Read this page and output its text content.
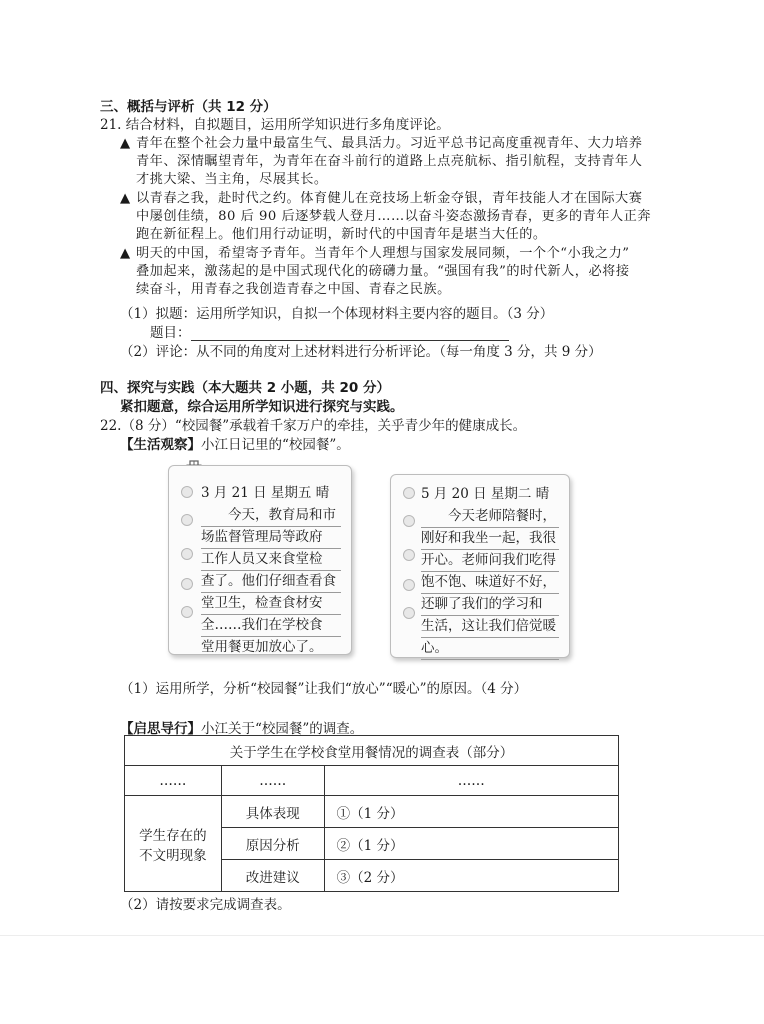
三、概括与评析（共 12 分）
21. 结合材料，自拟题目，运用所学知识进行多角度评论。
▲ 青年在整个社会力量中最富生气、最具活力。习近平总书记高度重视青年、大力培养
青年、深情瞩望青年，为青年在奋斗前行的道路上点亮航标、指引航程，支持青年人
才挑大梁、当主角，尽展其长。
▲ 以青春之我，赴时代之约。体育健儿在竞技场上斩金夺银，青年技能人才在国际大赛
中屡创佳绩，80 后 90 后逐梦载人登月……以奋斗姿态激扬青春，更多的青年人正奔
跑在新征程上。他们用行动证明，新时代的中国青年是堪当大任的。
▲ 明天的中国，希望寄予青年。当青年个人理想与国家发展同频，一个个“小我之力”
叠加起来，激荡起的是中国式现代化的磅礴力量。“强国有我”的时代新人，必将接
续奋斗，用青春之我创造青春之中国、青春之民族。
（1）拟题：运用所学知识，自拟一个体现材料主要内容的题目。（3 分）
题目：
（2）评论：从不同的角度对上述材料进行分析评论。（每一角度 3 分，共 9 分）
四、探究与实践（本大题共 2 小题，共 20 分）
紧扣题意，综合运用所学知识进行探究与实践。
22.（8 分）“校园餐”承载着千家万户的牵挂，关乎青少年的健康成长。
【生活观察】小江日记里的“校园餐”。
3 月 21 日 星期五 晴
　　今天，教育局和市
场监督管理局等政府
工作人员又来食堂检
查了。他们仔细查看食
堂卫生，检查食材安
全……我们在学校食
堂用餐更加放心了。
5 月 20 日 星期二 晴
　　今天老师陪餐时，
刚好和我坐一起，我很
开心。老师问我们吃得
饱不饱、味道好不好，
还聊了我们的学习和
生活，这让我们倍觉暖
心。
（1）运用所学，分析“校园餐”让我们“放心”“暖心”的原因。（4 分）
【启思导行】小江关于“校园餐”的调查。
关于学生在学校食堂用餐情况的调查表（部分）		
……	……	……

学生存在的
不文明现象	具体表现	①（1 分）
	原因分析	②（1 分）
	改进建议	③（2 分）
（2）请按要求完成调查表。
